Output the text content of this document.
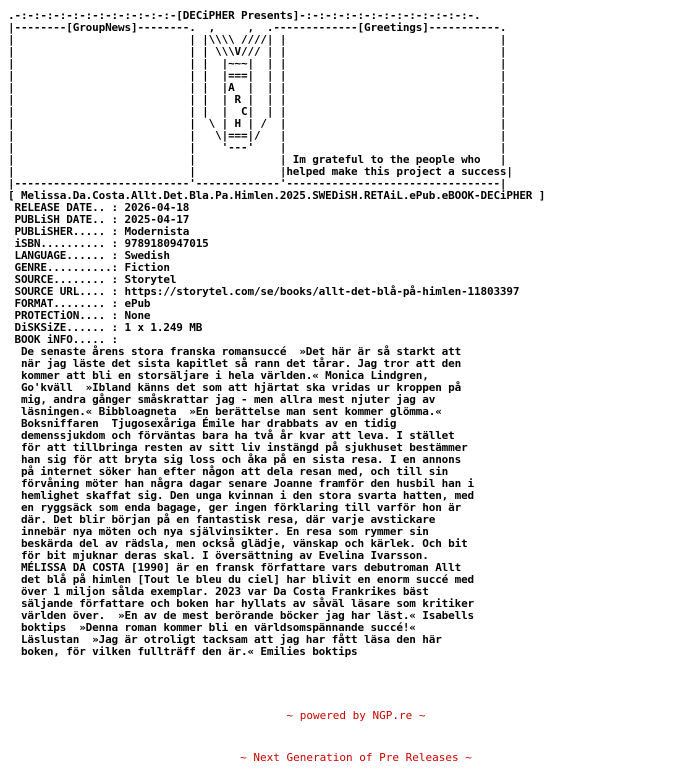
.-:-:-:-:-:-:-:-:-:-:-:-:-[DECiPHER Presents]-:-:-:-:-:-:-:-:-:-:-:-:-:-.
|--------[GroupNews]--------.  ,     ,  .-------------[Greetings]-----------.
|                           | |\\\\ ////| |                                 |
|                           | | \\\V/// | |                                 |
|                           | |  |~~~|  | |                                 |
|                           | |  |===|  | |                                 |
|                           | |  |A  |  | |                                 |
|                           | |  | R |  | |                                 |
|                           | |  |  C|  | |                                 |
|                           |  \ | H | /  |                                 |
|                           |   \|===|/   |                                 |
|                           |    '---'    |                                 |
|                           |             | Im grateful to the people who   |
|                           |             |helped make this project a success|
|---------------------------'-------------'---------------------------------|
[ Melissa.Da.Costa.Allt.Det.Bla.Pa.Himlen.2025.SWEDiSH.RETAiL.ePub.eBOOK-DECiPHER ]
RELEASE DATE.. : 2026-04-18
PUBLiSH DATE.. : 2025-04-17
PUBLiSHER..... : Modernista
iSBN.......... : 9789180947015
LANGUAGE...... : Swedish
GENRE..........: Fiction
SOURCE........ : Storytel
SOURCE URL.... : https://storytel.com/se/books/allt-det-blå-på-himlen-11803397
FORMAT........ : ePub
PROTECTiON.... : None
DiSKSiZE...... : 1 x 1.249 MB
BOOK iNFO..... :
De senaste årens stora franska romansuccé  »Det här är så starkt att
när jag läste det sista kapitlet så rann det tårar. Jag tror att den
kommer att bli en storsäljare i hela världen.« Monica Lindgren,
Go'kväll  »Ibland känns det som att hjärtat ska vridas ur kroppen på
mig, andra gånger småskrattar jag - men allra mest njuter jag av
läsningen.« Bibbloagneta  »En berättelse man sent kommer glömma.«
Boksniffaren  Tjugosexåriga Émile har drabbats av en tidig
demenssjukdom och förväntas bara ha två år kvar att leva. I stället
för att tillbringa resten av sitt liv instängd på sjukhuset bestämmer
han sig för att bryta sig loss och åka på en sista resa. I en annons
på internet söker han efter någon att dela resan med, och till sin
förvåning möter han några dagar senare Joanne framför den husbil han i
hemlighet skaffat sig. Den unga kvinnan i den stora svarta hatten, med
en ryggsäck som enda bagage, ger ingen förklaring till varför hon är
där. Det blir början på en fantastisk resa, där varje avstickare
innebär nya möten och nya självinsikter. En resa som rymmer sin
beskärda del av rädsla, men också glädje, vänskap och kärlek. Och bit
för bit mjuknar deras skal. I översättning av Evelina Ivarsson.
MÉLISSA DA COSTA [1990] är en fransk författare vars debutroman Allt
det blå på himlen [Tout le bleu du ciel] har blivit en enorm succé med
över 1 miljon sålda exemplar. 2023 var Da Costa Frankrikes bäst
säljande författare och boken har hyllats av såväl läsare som kritiker
världen över.  »En av de mest berörande böcker jag har läst.« Isabells
boktips  »Denna roman kommer bli en världsomspännande succé!«
Läslustan  »Jag är otroligt tacksam att jag har fått läsa den här
boken, för vilken fullträff den är.« Emilies boktips

~ powered by NGP.re ~

~ Next Generation of Pre Releases ~
